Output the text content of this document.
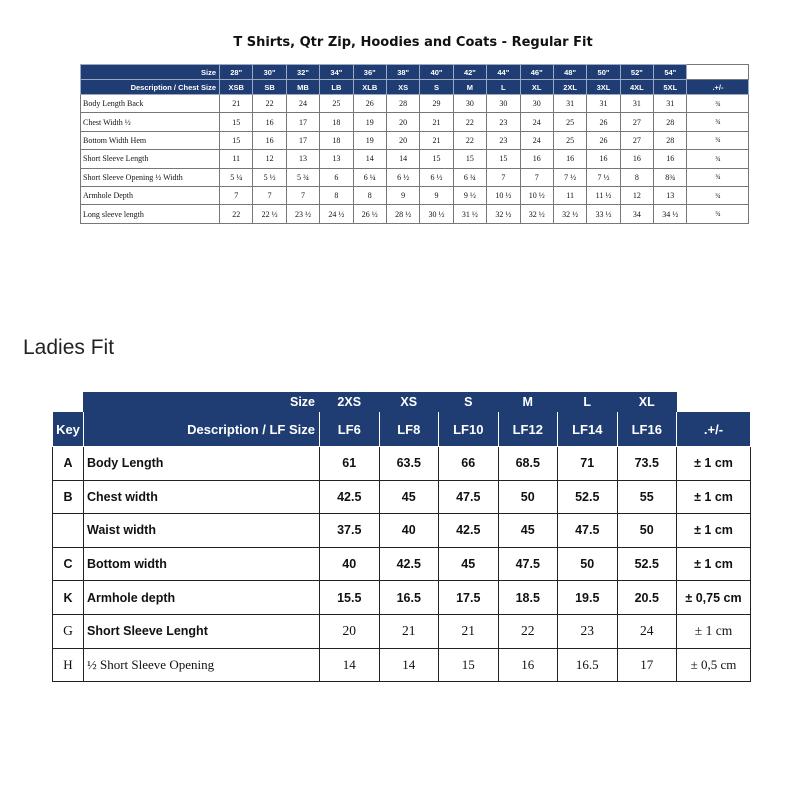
T Shirts, Qtr Zip, Hoodies and Coats - Regular Fit
Size	28"	30"	32"	34"	36"	38"	40"	42"	44"	46"	48"	50"	52"	54"	
Description / Chest Size	XSB	SB	MB	LB	XLB	XS	S	M	L	XL	2XL	3XL	4XL	5XL	.+/-
Body Length Back	21	22	24	25	26	28	29	30	30	30	31	31	31	31	¾
Chest Width ½	15	16	17	18	19	20	21	22	23	24	25	26	27	28	¾
Bottom Width Hem	15	16	17	18	19	20	21	22	23	24	25	26	27	28	¾
Short Sleeve Length	11	12	13	13	14	14	15	15	15	16	16	16	16	16	¾
Short Sleeve Opening ½ Width	5 ¼	5 ½	5 ¾	6	6 ¼	6 ½	6 ½	6 ¾	7	7	7 ½	7 ½	8	8¾	¾
Armhole Depth	7	7	7	8	8	9	9	9 ½	10 ½	10 ½	11	11 ½	12	13	¾
Long sleeve length	22	22 ½	23 ½	24 ½	26 ½	28 ½	30 ½	31 ½	32 ½	32 ½	32 ½	33 ½	34	34 ½	¾
Ladies Fit
	Size	2XS	XS	S	M	L	XL	
Key	Description / LF Size	LF6	LF8	LF10	LF12	LF14	LF16	.+/-
A	Body Length	61	63.5	66	68.5	71	73.5	± 1 cm
B	Chest width	42.5	45	47.5	50	52.5	55	± 1 cm
	Waist width	37.5	40	42.5	45	47.5	50	± 1 cm
C	Bottom width	40	42.5	45	47.5	50	52.5	± 1 cm
K	Armhole depth	15.5	16.5	17.5	18.5	19.5	20.5	± 0,75 cm
G	Short Sleeve Lenght	20	21	21	22	23	24	± 1 cm
H	½ Short Sleeve Opening	14	14	15	16	16.5	17	± 0,5 cm
